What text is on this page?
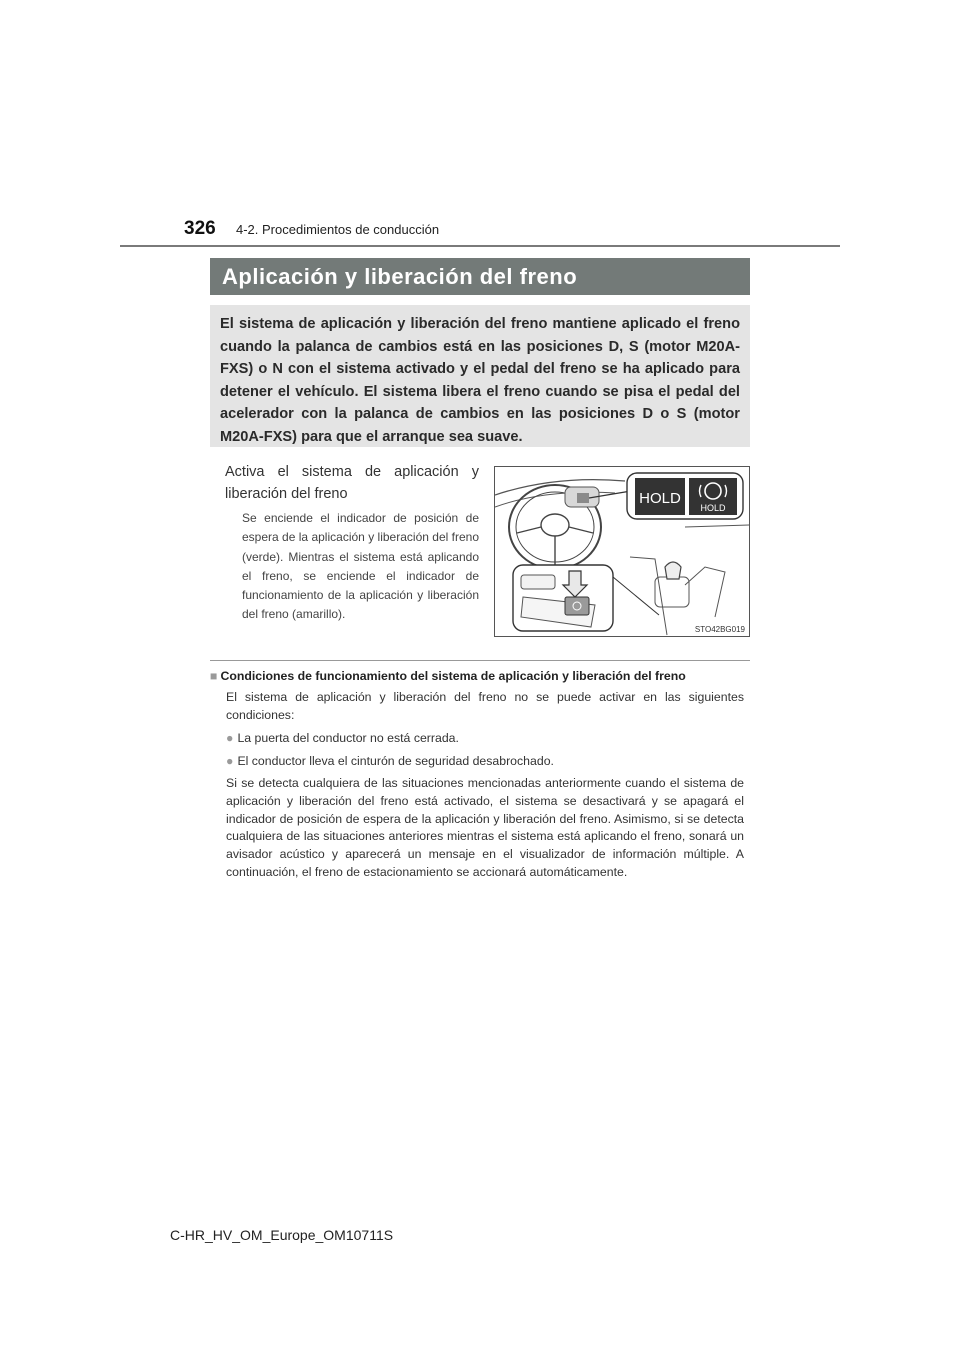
326 4-2. Procedimientos de conducción
Aplicación y liberación del freno
El sistema de aplicación y liberación del freno mantiene aplicado el freno cuando la palanca de cambios está en las posiciones D, S (motor M20A-FXS) o N con el sistema activado y el pedal del freno se ha aplicado para detener el vehículo. El sistema libera el freno cuando se pisa el pedal del acelerador con la palanca de cambios en las posiciones D o S (motor M20A-FXS) para que el arranque sea suave.
Activa el sistema de aplicación y liberación del freno
Se enciende el indicador de posición de espera de la aplicación y liberación del freno (verde). Mientras el sistema está aplicando el freno, se enciende el indicador de funcionamiento de la aplicación y liberación del freno (amarillo).
HOLD
HOLD
STO42BG019
■ Condiciones de funcionamiento del sistema de aplicación y liberación del freno
El sistema de aplicación y liberación del freno no se puede activar en las siguientes condiciones:
● La puerta del conductor no está cerrada.
● El conductor lleva el cinturón de seguridad desabrochado.
Si se detecta cualquiera de las situaciones mencionadas anteriormente cuando el sistema de aplicación y liberación del freno está activado, el sistema se desactivará y se apagará el indicador de posición de espera de la aplicación y liberación del freno. Asimismo, si se detecta cualquiera de las situaciones anteriores mientras el sistema está aplicando el freno, sonará un avisador acústico y aparecerá un mensaje en el visualizador de información múltiple. A continuación, el freno de estacionamiento se accionará automáticamente.
C-HR_HV_OM_Europe_OM10711S
